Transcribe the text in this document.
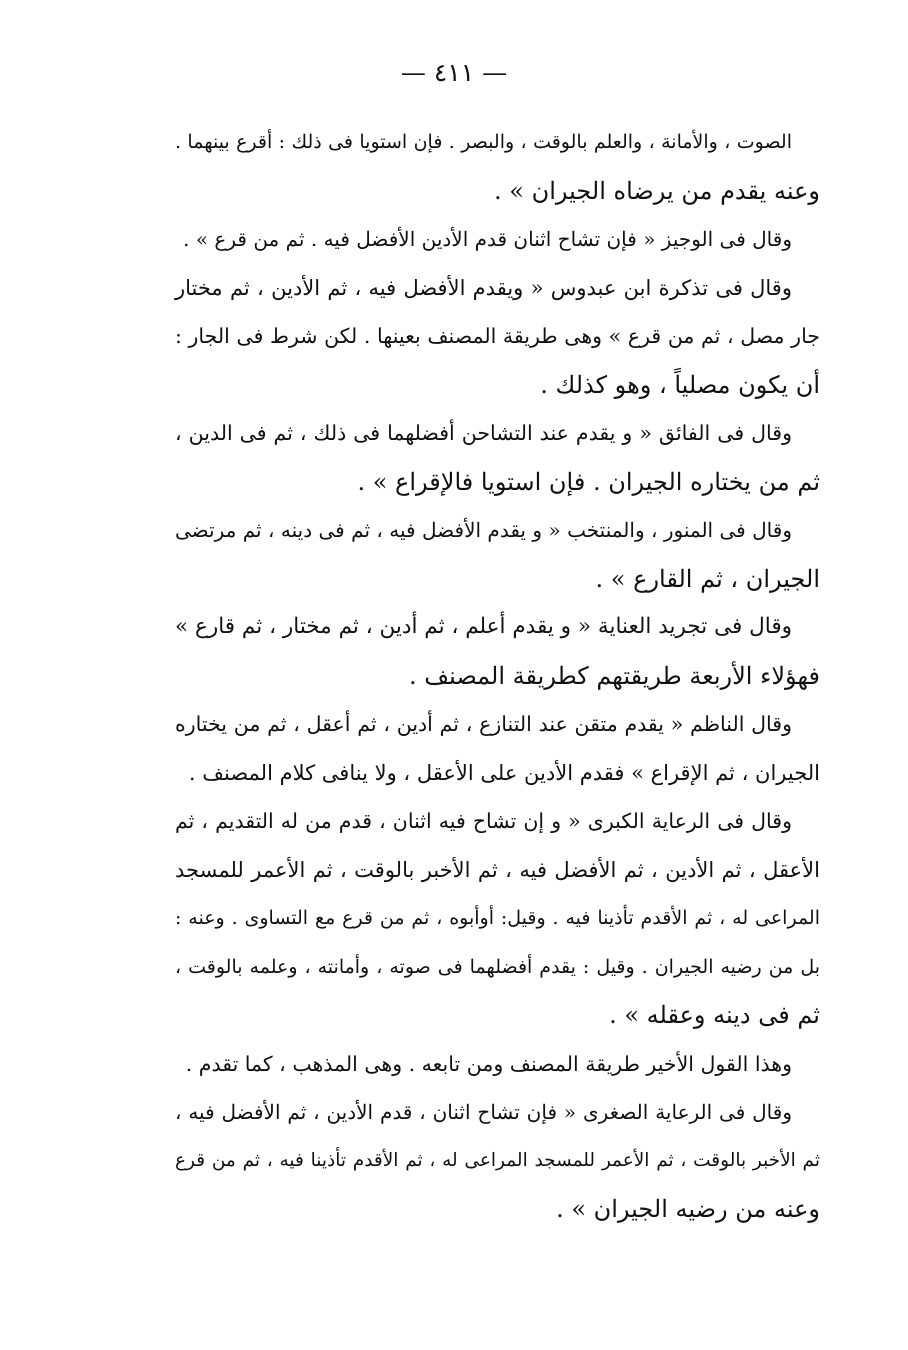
— ٤١١ —
الصوت ، والأمانة ، والعلم بالوقت ، والبصر . فإن استويا فى ذلك : أقرع بينهما .
وعنه يقدم من يرضاه الجيران » .
وقال فى الوجيز « فإن تشاح اثنان قدم الأدين الأفضل فيه . ثم من قرع » .
وقال فى تذكرة ابن عبدوس « ويقدم الأفضل فيه ، ثم الأدين ، ثم مختار
جار مصل ، ثم من قرع » وهى طريقة المصنف بعينها . لكن شرط فى الجار :
أن يكون مصلياً ، وهو كذلك .
وقال فى الفائق « و يقدم عند التشاحن أفضلهما فى ذلك ، ثم فى الدين ،
ثم من يختاره الجيران . فإن استويا فالإقراع » .
وقال فى المنور ، والمنتخب « و يقدم الأفضل فيه ، ثم فى دينه ، ثم مرتضى
الجيران ، ثم القارع » .
وقال فى تجريد العناية « و يقدم أعلم ، ثم أدين ، ثم مختار ، ثم قارع »
فهؤلاء الأربعة طريقتهم كطريقة المصنف .
وقال الناظم « يقدم متقن عند التنازع ، ثم أدين ، ثم أعقل ، ثم من يختاره
الجيران ، ثم الإقراع » فقدم الأدين على الأعقل ، ولا ينافى كلام المصنف .
وقال فى الرعاية الكبرى « و إن تشاح فيه اثنان ، قدم من له التقديم ، ثم
الأعقل ، ثم الأدين ، ثم الأفضل فيه ، ثم الأخبر بالوقت ، ثم الأعمر للمسجد
المراعى له ، ثم الأقدم تأذينا فيه . وقيل: أوأبوه ، ثم من قرع مع التساوى . وعنه :
بل من رضيه الجيران . وقيل : يقدم أفضلهما فى صوته ، وأمانته ، وعلمه بالوقت ،
ثم فى دينه وعقله » .
وهذا القول الأخير طريقة المصنف ومن تابعه . وهى المذهب ، كما تقدم .
وقال فى الرعاية الصغرى « فإن تشاح اثنان ، قدم الأدين ، ثم الأفضل فيه ،
ثم الأخبر بالوقت ، ثم الأعمر للمسجد المراعى له ، ثم الأقدم تأذينا فيه ، ثم من قرع
وعنه من رضيه الجيران » .
